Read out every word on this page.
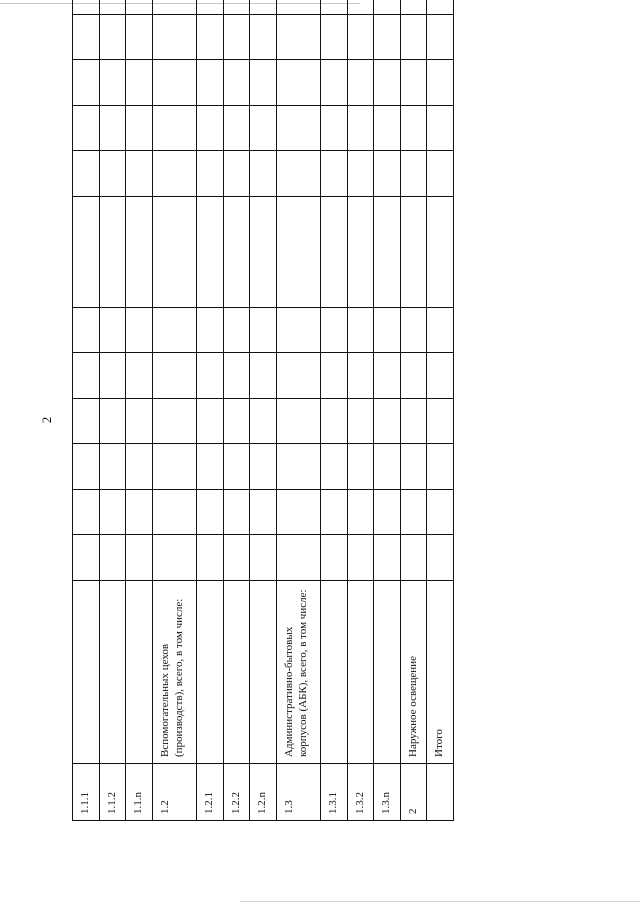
2
1.1.1													
1.1.2													
1.1.n													
1.2	Вспомогательных цехов (производств), всего, в том числе:												
1.2.1													
1.2.2													
1.2.n													
1.3	Административно-бытовых корпусов (АБК), всего, в том числе:												
1.3.1													
1.3.2													
1.3.n													
2	Наружное освещение												
	Итого												
